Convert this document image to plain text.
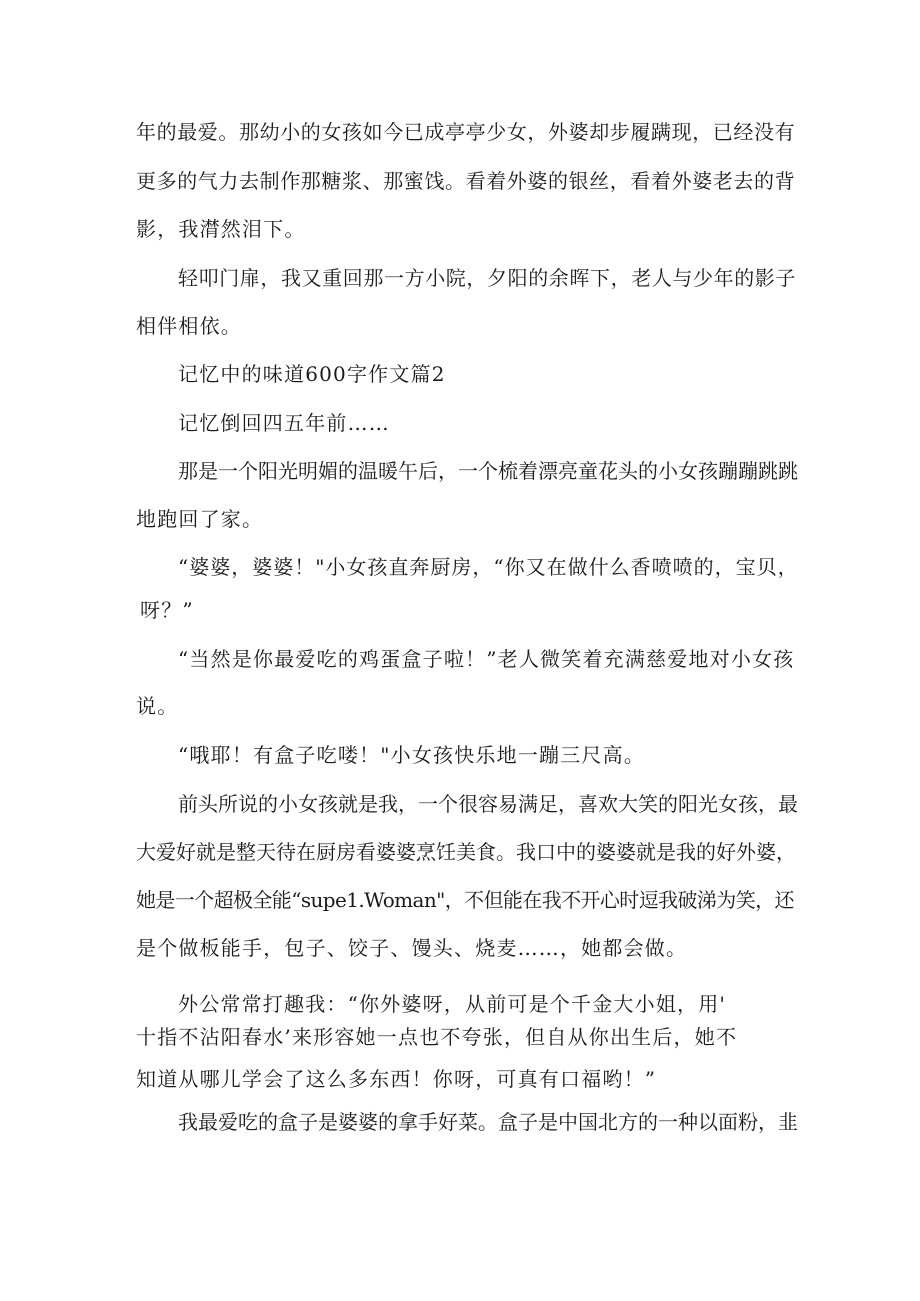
年的最爱。那幼小的女孩如今已成亭亭少女，外婆却步履蹒现，已经没有
更多的气力去制作那糖浆、那蜜饯。看着外婆的银丝，看着外婆老去的背
影，我潸然泪下。
轻叩门扉，我又重回那一方小院，夕阳的余晖下，老人与少年的影子
相伴相依。
记忆中的味道600字作文篇2
记忆倒回四五年前……
那是一个阳光明媚的温暖午后，一个梳着漂亮童花头的小女孩蹦蹦跳跳
地跑回了家。
“婆婆，婆婆！"小女孩直奔厨房，“你又在做什么香喷喷的，宝贝，
呀？”
“当然是你最爱吃的鸡蛋盒子啦！”老人微笑着充满慈爱地对小女孩
说。
“哦耶！有盒子吃喽！"小女孩快乐地一蹦三尺高。
前头所说的小女孩就是我，一个很容易满足，喜欢大笑的阳光女孩，最
大爱好就是整天待在厨房看婆婆烹饪美食。我口中的婆婆就是我的好外婆，
她是一个超极全能“supe1.Woman"，不但能在我不开心时逗我破涕为笑，还
是个做板能手，包子、饺子、馒头、烧麦……，她都会做。
外公常常打趣我：“你外婆呀，从前可是个千金大小姐，用'
十指不沾阳春水’来形容她一点也不夸张，但自从你出生后，她不
知道从哪儿学会了这么多东西！你呀，可真有口福哟！”
我最爱吃的盒子是婆婆的拿手好菜。盒子是中国北方的一种以面粉，韭
